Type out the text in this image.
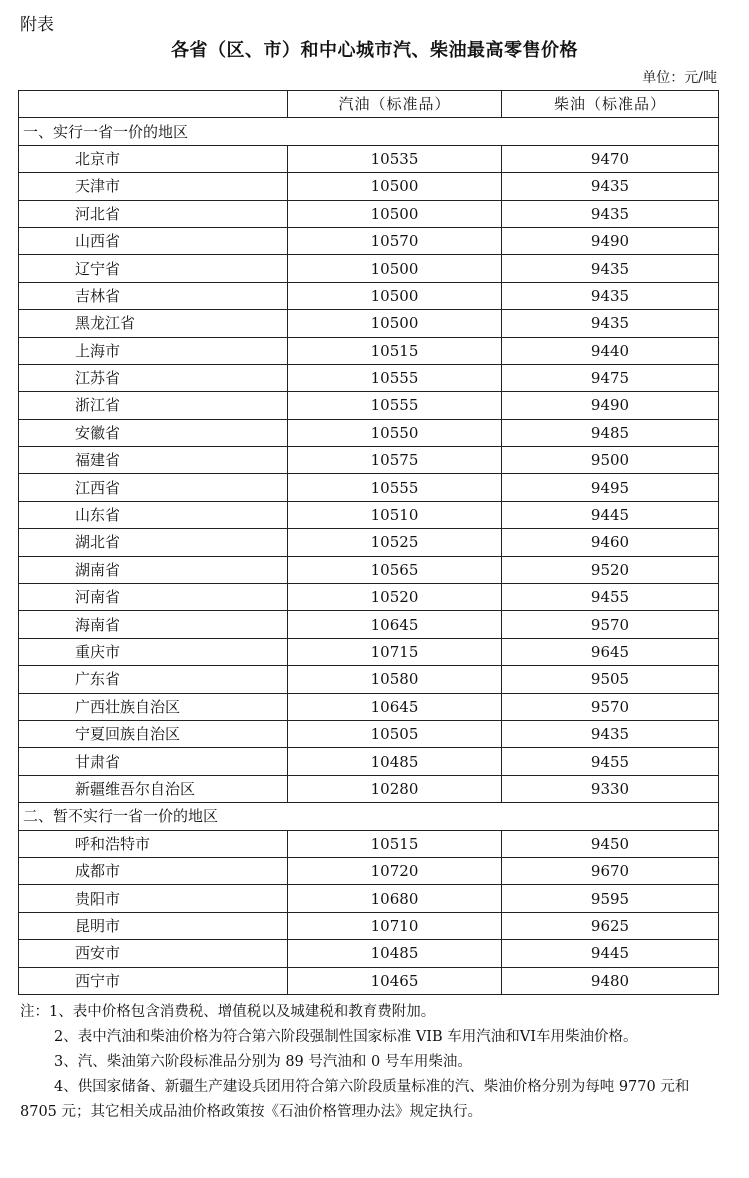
附表
各省（区、市）和中心城市汽、柴油最高零售价格
单位：元/吨
	汽油（标准品）	柴油（标准品）
一、实行一省一价的地区		
北京市	10535	9470
天津市	10500	9435
河北省	10500	9435
山西省	10570	9490
辽宁省	10500	9435
吉林省	10500	9435
黑龙江省	10500	9435
上海市	10515	9440
江苏省	10555	9475
浙江省	10555	9490
安徽省	10550	9485
福建省	10575	9500
江西省	10555	9495
山东省	10510	9445
湖北省	10525	9460
湖南省	10565	9520
河南省	10520	9455
海南省	10645	9570
重庆市	10715	9645
广东省	10580	9505
广西壮族自治区	10645	9570
宁夏回族自治区	10505	9435
甘肃省	10485	9455
新疆维吾尔自治区	10280	9330
二、暂不实行一省一价的地区		
呼和浩特市	10515	9450
成都市	10720	9670
贵阳市	10680	9595
昆明市	10710	9625
西安市	10485	9445
西宁市	10465	9480

注：1、表中价格包含消费税、增值税以及城建税和教育费附加。

2、表中汽油和柴油价格为符合第六阶段强制性国家标准 VIB 车用汽油和VI车用柴油价格。

3、汽、柴油第六阶段标准品分别为 89 号汽油和 0 号车用柴油。

4、供国家储备、新疆生产建设兵团用符合第六阶段质量标准的汽、柴油价格分别为每吨 9770 元和 8705 元；其它相关成品油价格政策按《石油价格管理办法》规定执行。
